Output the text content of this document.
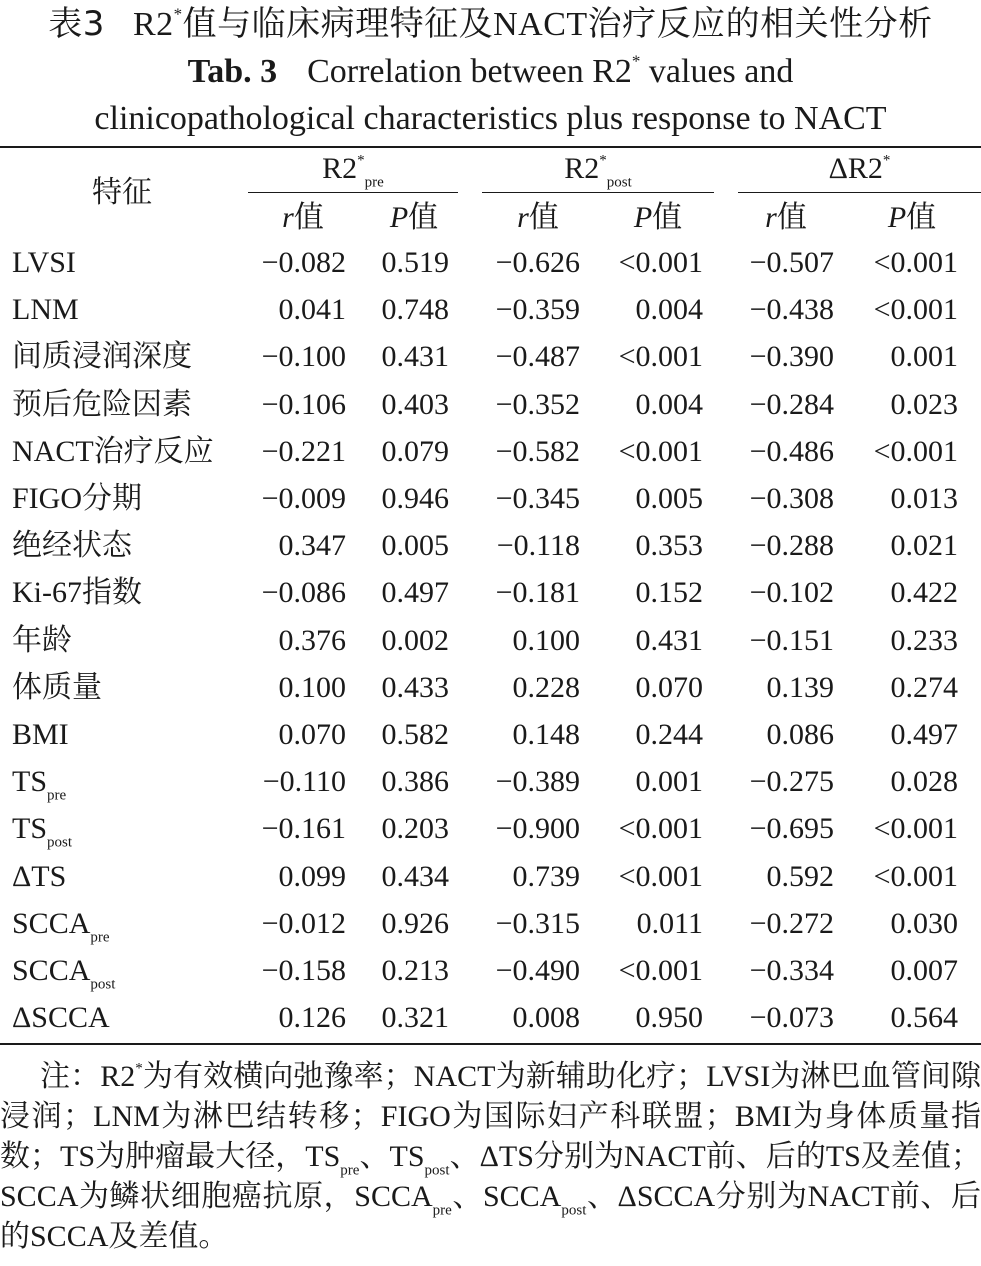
表3 R2*值与临床病理特征及NACT治疗反应的相关性分析
Tab. 3 Correlation between R2* values and
clinicopathological characteristics plus response to NACT
特征
$R2^*_{pre}$	$R2^*_{post}$	ΔR2*
r值	P值	r值	P值	r值	P值
LVSI	−0.082 0.519 −0.626 <0.001 −0.507 <0.001
LNM	0.041 0.748 −0.359 0.004 −0.438 <0.001
间质浸润深度 −0.100 0.431 −0.487 <0.001 −0.390 0.001
预后危险因素 −0.106 0.403 −0.352 0.004 −0.284 0.023
NACT治疗反应 −0.221 0.079 −0.582 <0.001 −0.486 <0.001
FIGO分期	−0.009 0.946 −0.345 0.005 −0.308 0.013
绝经状态	0.347 0.005 −0.118 0.353 −0.288 0.021
Ki-67指数	−0.086 0.497 −0.181 0.152 −0.102 0.422
年龄	0.376 0.002 0.100 0.431 −0.151 0.233
体质量	0.100 0.433 0.228 0.070 0.139 0.274
BMI	0.070 0.582 0.148 0.244 0.086 0.497
$TS_{pre}$	−0.110 0.386 −0.389 0.001 −0.275 0.028
$TS_{post}$	−0.161 0.203 −0.900 <0.001 −0.695 <0.001
ΔTS	0.099 0.434 0.739 <0.001 0.592 <0.001
$SCCA_{pre}$	−0.012 0.926 −0.315 0.011 −0.272 0.030
$SCCA_{post}$	−0.158 0.213 −0.490 <0.001 −0.334 0.007
ΔSCCA	0.126 0.321 0.008 0.950 −0.073 0.564

注：R2*为有效横向弛豫率；NACT为新辅助化疗；LVSI为淋巴血管间隙浸润；LNM为淋巴结转移；FIGO为国际妇产科联盟；BMI为身体质量指数；TS为肿瘤最大径，$TS_{pre}$、$TS_{post}$、ΔTS分别为NACT前、后的TS及差值；SCCA为鳞状细胞癌抗原，$SCCA_{pre}$、$SCCA_{post}$、ΔSCCA分别为NACT前、后的SCCA及差值。
